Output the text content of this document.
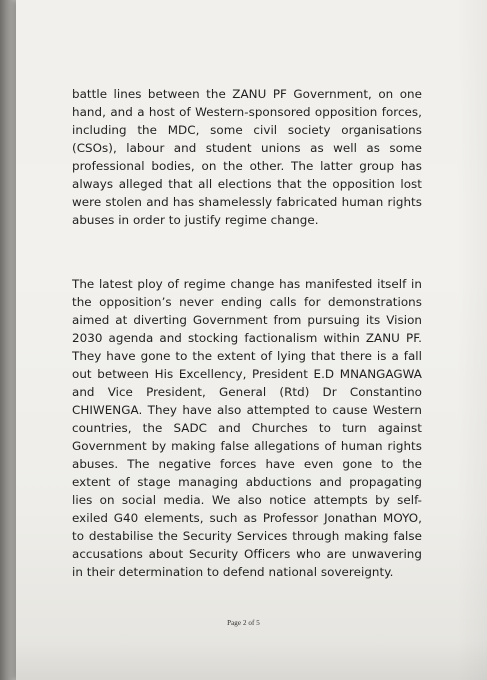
battle lines between the ZANU PF Government, on one hand, and a host of Western-sponsored opposition forces, including the MDC, some civil society organisations (CSOs), labour and student unions as well as some professional bodies, on the other. The latter group has always alleged that all elections that the opposition lost were stolen and has shamelessly fabricated human rights abuses in order to justify regime change.

The latest ploy of regime change has manifested itself in the opposition’s never ending calls for demonstrations aimed at diverting Government from pursuing its Vision 2030 agenda and stocking factionalism within ZANU PF. They have gone to the extent of lying that there is a fall out between His Excellency, President E.D MNANGAGWA and Vice President, General (Rtd) Dr Constantino CHIWENGA. They have also attempted to cause Western countries, the SADC and Churches to turn against Government by making false allegations of human rights abuses. The negative forces have even gone to the extent of stage managing abductions and propagating lies on social media. We also notice attempts by self-exiled G40 elements, such as Professor Jonathan MOYO, to destabilise the Security Services through making false accusations about Security Officers who are unwavering in their determination to defend national sovereignty.

Page 2 of 5
